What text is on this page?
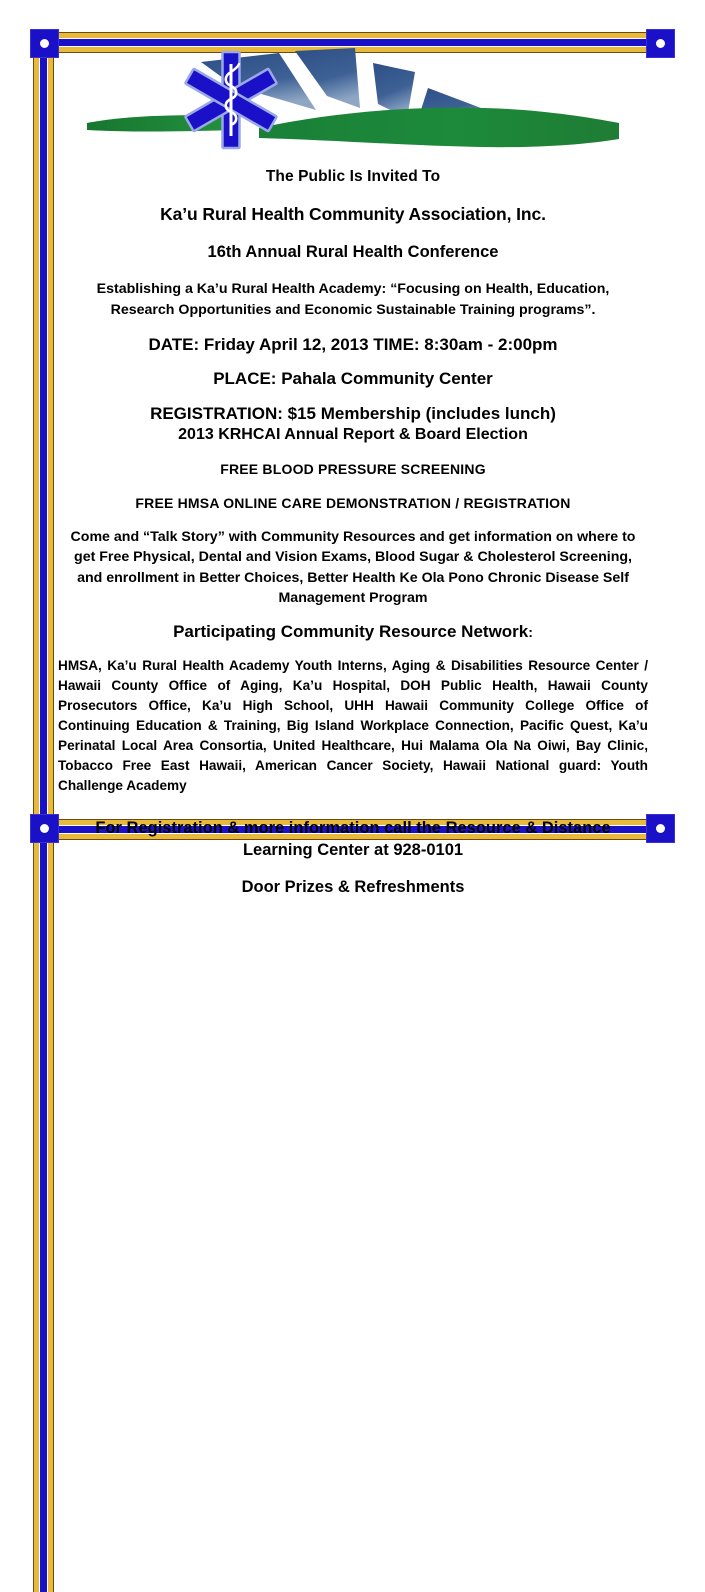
The Public Is Invited To
Ka’u Rural Health Community Association, Inc.
16th Annual Rural Health Conference
Establishing a Ka’u Rural Health Academy: “Focusing on Health, Education, Research Opportunities and Economic Sustainable Training programs”.
DATE: Friday April 12, 2013 TIME: 8:30am - 2:00pm
PLACE: Pahala Community Center
REGISTRATION: $15 Membership (includes lunch)
2013 KRHCAI Annual Report & Board Election
FREE BLOOD PRESSURE SCREENING
FREE HMSA ONLINE CARE DEMONSTRATION / REGISTRATION
Come and “Talk Story” with Community Resources and get information on where to get Free Physical, Dental and Vision Exams, Blood Sugar & Cholesterol Screening, and enrollment in Better Choices, Better Health Ke Ola Pono Chronic Disease Self Management Program
Participating Community Resource Network:
HMSA, Ka’u Rural Health Academy Youth Interns, Aging & Disabilities Resource Center / Hawaii County Office of Aging, Ka’u Hospital, DOH Public Health, Hawaii County Prosecutors Office, Ka’u High School, UHH Hawaii Community College Office of Continuing Education & Training, Big Island Workplace Connection, Pacific Quest, Ka’u Perinatal Local Area Consortia, United Healthcare, Hui Malama Ola Na Oiwi, Bay Clinic, Tobacco Free East Hawaii, American Cancer Society, Hawaii National guard: Youth Challenge Academy
For Registration & more information call the Resource & Distance Learning Center at 928-0101
Door Prizes & Refreshments
